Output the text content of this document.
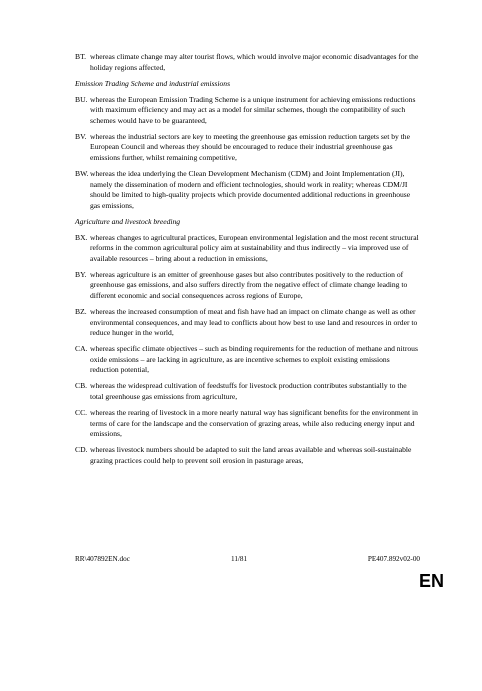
BT. whereas climate change may alter tourist flows, which would involve major economic disadvantages for the holiday regions affected,
Emission Trading Scheme and industrial emissions
BU. whereas the European Emission Trading Scheme is a unique instrument for achieving emissions reductions with maximum efficiency and may act as a model for similar schemes, though the compatibility of such schemes would have to be guaranteed,
BV. whereas the industrial sectors are key to meeting the greenhouse gas emission reduction targets set by the European Council and whereas they should be encouraged to reduce their industrial greenhouse gas emissions further, whilst remaining competitive,
BW. whereas the idea underlying the Clean Development Mechanism (CDM) and Joint Implementation (JI), namely the dissemination of modern and efficient technologies, should work in reality; whereas CDM/JI should be limited to high-quality projects which provide documented additional reductions in greenhouse gas emissions,
Agriculture and livestock breeding
BX. whereas changes to agricultural practices, European environmental legislation and the most recent structural reforms in the common agricultural policy aim at sustainability and thus indirectly – via improved use of available resources – bring about a reduction in emissions,
BY. whereas agriculture is an emitter of greenhouse gases but also contributes positively to the reduction of greenhouse gas emissions, and also suffers directly from the negative effect of climate change leading to different economic and social consequences across regions of Europe,
BZ. whereas the increased consumption of meat and fish have had an impact on climate change as well as other environmental consequences, and may lead to conflicts about how best to use land and resources in order to reduce hunger in the world,
CA. whereas specific climate objectives – such as binding requirements for the reduction of methane and nitrous oxide emissions – are lacking in agriculture, as are incentive schemes to exploit existing emissions reduction potential,
CB. whereas the widespread cultivation of feedstuffs for livestock production contributes substantially to the total greenhouse gas emissions from agriculture,
CC. whereas the rearing of livestock in a more nearly natural way has significant benefits for the environment in terms of care for the landscape and the conservation of grazing areas, while also reducing energy input and emissions,
CD. whereas livestock numbers should be adapted to suit the land areas available and whereas soil-sustainable grazing practices could help to prevent soil erosion in pasturage areas,
RR\407892EN.doc	11/81	PE407.892v02-00
EN
